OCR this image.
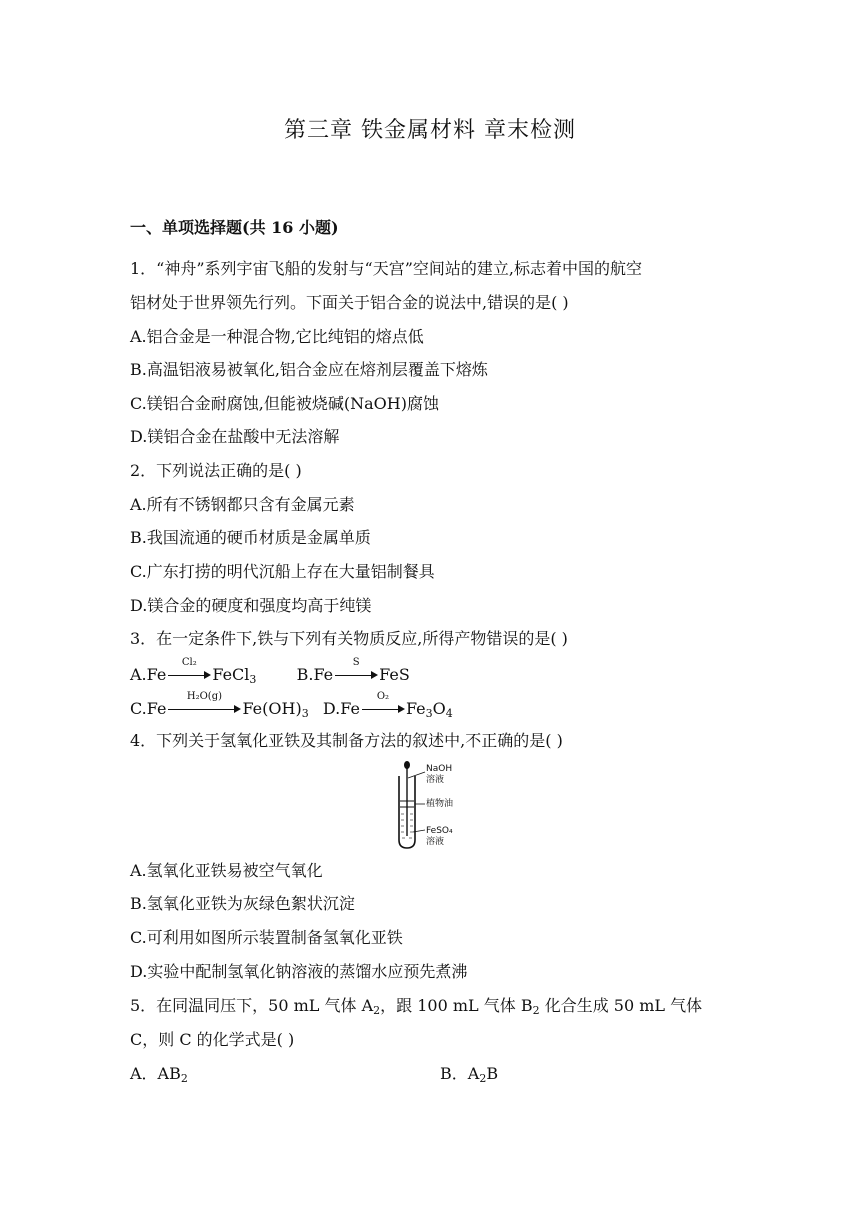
第三章 铁金属材料 章末检测
一、单项选择题(共 16 小题)
1．“神舟”系列宇宙飞船的发射与“天宫”空间站的建立,标志着中国的航空
铝材处于世界领先行列。下面关于铝合金的说法中,错误的是( )
A.铝合金是一种混合物,它比纯铝的熔点低
B.高温铝液易被氧化,铝合金应在熔剂层覆盖下熔炼
C.镁铝合金耐腐蚀,但能被烧碱(NaOH)腐蚀
D.镁铝合金在盐酸中无法溶解
2．下列说法正确的是( )
A.所有不锈钢都只含有金属元素
B.我国流通的硬币材质是金属单质
C.广东打捞的明代沉船上存在大量铝制餐具
D.镁合金的硬度和强度均高于纯镁
3．在一定条件下,铁与下列有关物质反应,所得产物错误的是( )
A.Fe
Cl₂
FeCl$_3$	B.Fe
S
FeS
C.Fe
H₂O(g)
$Fe(OH)_3$ D.Fe
O₂
$Fe_3O_4$
4．下列关于氢氧化亚铁及其制备方法的叙述中,不正确的是( )
NaOH
溶液
植物油
FeSO₄
溶液
A.氢氧化亚铁易被空气氧化
B.氢氧化亚铁为灰绿色絮状沉淀
C.可利用如图所示装置制备氢氧化亚铁
D.实验中配制氢氧化钠溶液的蒸馏水应预先煮沸
5．在同温同压下，50 mL 气体 $A_2$，跟 100 mL 气体 $B_2$ 化合生成 50 mL 气体
C，则 C 的化学式是( )
A．$AB_2$	B．$A_2B$
